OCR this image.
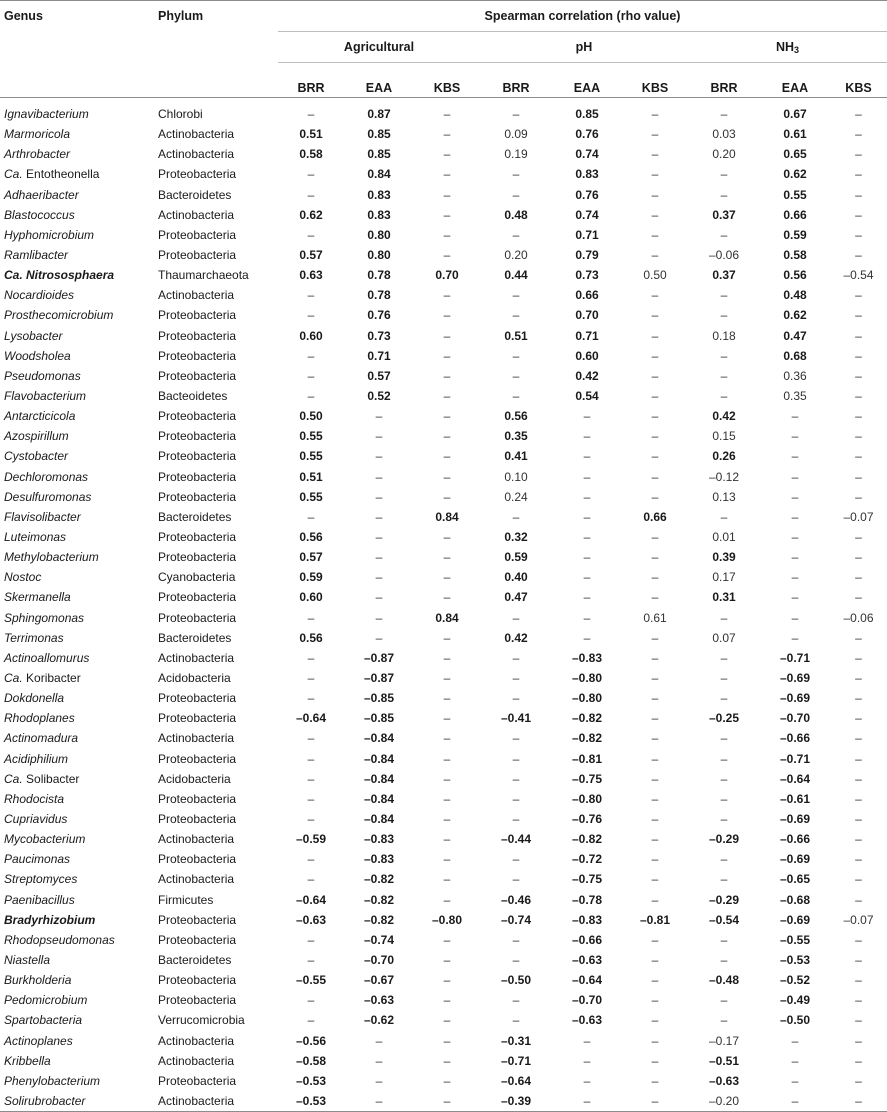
Genus	Phylum	Spearman correlation (rho value)								
		Agricultural			pH			$NH_3$
		BRR	EAA	KBS	BRR	EAA	KBS	BRR	EAA	KBS

Ignavibacterium	Chlorobi	–	0.87	–	–	0.85	–	–	0.67	–
Marmoricola	Actinobacteria	0.51	0.85	–	0.09	0.76	–	0.03	0.61	–
Arthrobacter	Actinobacteria	0.58	0.85	–	0.19	0.74	–	0.20	0.65	–
Ca. Entotheonella	Proteobacteria	–	0.84	–	–	0.83	–	–	0.62	–
Adhaeribacter	Bacteroidetes	–	0.83	–	–	0.76	–	–	0.55	–
Blastococcus	Actinobacteria	0.62	0.83	–	0.48	0.74	–	0.37	0.66	–
Hyphomicrobium	Proteobacteria	–	0.80	–	–	0.71	–	–	0.59	–
Ramlibacter	Proteobacteria	0.57	0.80	–	0.20	0.79	–	–0.06	0.58	–
Ca. Nitrososphaera	Thaumarchaeota	0.63	0.78	0.70	0.44	0.73	0.50	0.37	0.56	–0.54
Nocardioides	Actinobacteria	–	0.78	–	–	0.66	–	–	0.48	–
Prosthecomicrobium	Proteobacteria	–	0.76	–	–	0.70	–	–	0.62	–
Lysobacter	Proteobacteria	0.60	0.73	–	0.51	0.71	–	0.18	0.47	–
Woodsholea	Proteobacteria	–	0.71	–	–	0.60	–	–	0.68	–
Pseudomonas	Proteobacteria	–	0.57	–	–	0.42	–	–	0.36	–
Flavobacterium	Bacteoidetes	–	0.52	–	–	0.54	–	–	0.35	–
Antarcticicola	Proteobacteria	0.50	–	–	0.56	–	–	0.42	–	–
Azospirillum	Proteobacteria	0.55	–	–	0.35	–	–	0.15	–	–
Cystobacter	Proteobacteria	0.55	–	–	0.41	–	–	0.26	–	–
Dechloromonas	Proteobacteria	0.51	–	–	0.10	–	–	–0.12	–	–
Desulfuromonas	Proteobacteria	0.55	–	–	0.24	–	–	0.13	–	–
Flavisolibacter	Bacteroidetes	–	–	0.84	–	–	0.66	–	–	–0.07
Luteimonas	Proteobacteria	0.56	–	–	0.32	–	–	0.01	–	–
Methylobacterium	Proteobacteria	0.57	–	–	0.59	–	–	0.39	–	–
Nostoc	Cyanobacteria	0.59	–	–	0.40	–	–	0.17	–	–
Skermanella	Proteobacteria	0.60	–	–	0.47	–	–	0.31	–	–
Sphingomonas	Proteobacteria	–	–	0.84	–	–	0.61	–	–	–0.06
Terrimonas	Bacteroidetes	0.56	–	–	0.42	–	–	0.07	–	–
Actinoallomurus	Actinobacteria	–	–0.87	–	–	–0.83	–	–	–0.71	–
Ca. Koribacter	Acidobacteria	–	–0.87	–	–	–0.80	–	–	–0.69	–
Dokdonella	Proteobacteria	–	–0.85	–	–	–0.80	–	–	–0.69	–
Rhodoplanes	Proteobacteria	–0.64	–0.85	–	–0.41	–0.82	–	–0.25	–0.70	–
Actinomadura	Actinobacteria	–	–0.84	–	–	–0.82	–	–	–0.66	–
Acidiphilium	Proteobacteria	–	–0.84	–	–	–0.81	–	–	–0.71	–
Ca. Solibacter	Acidobacteria	–	–0.84	–	–	–0.75	–	–	–0.64	–
Rhodocista	Proteobacteria	–	–0.84	–	–	–0.80	–	–	–0.61	–
Cupriavidus	Proteobacteria	–	–0.84	–	–	–0.76	–	–	–0.69	–
Mycobacterium	Actinobacteria	–0.59	–0.83	–	–0.44	–0.82	–	–0.29	–0.66	–
Paucimonas	Proteobacteria	–	–0.83	–	–	–0.72	–	–	–0.69	–
Streptomyces	Actinobacteria	–	–0.82	–	–	–0.75	–	–	–0.65	–
Paenibacillus	Firmicutes	–0.64	–0.82	–	–0.46	–0.78	–	–0.29	–0.68	–
Bradyrhizobium	Proteobacteria	–0.63	–0.82	–0.80	–0.74	–0.83	–0.81	–0.54	–0.69	–0.07
Rhodopseudomonas	Proteobacteria	–	–0.74	–	–	–0.66	–	–	–0.55	–
Niastella	Bacteroidetes	–	–0.70	–	–	–0.63	–	–	–0.53	–
Burkholderia	Proteobacteria	–0.55	–0.67	–	–0.50	–0.64	–	–0.48	–0.52	–
Pedomicrobium	Proteobacteria	–	–0.63	–	–	–0.70	–	–	–0.49	–
Spartobacteria	Verrucomicrobia	–	–0.62	–	–	–0.63	–	–	–0.50	–
Actinoplanes	Actinobacteria	–0.56	–	–	–0.31	–	–	–0.17	–	–
Kribbella	Actinobacteria	–0.58	–	–	–0.71	–	–	–0.51	–	–
Phenylobacterium	Proteobacteria	–0.53	–	–	–0.64	–	–	–0.63	–	–
Solirubrobacter	Actinobacteria	–0.53	–	–	–0.39	–	–	–0.20	–	–
